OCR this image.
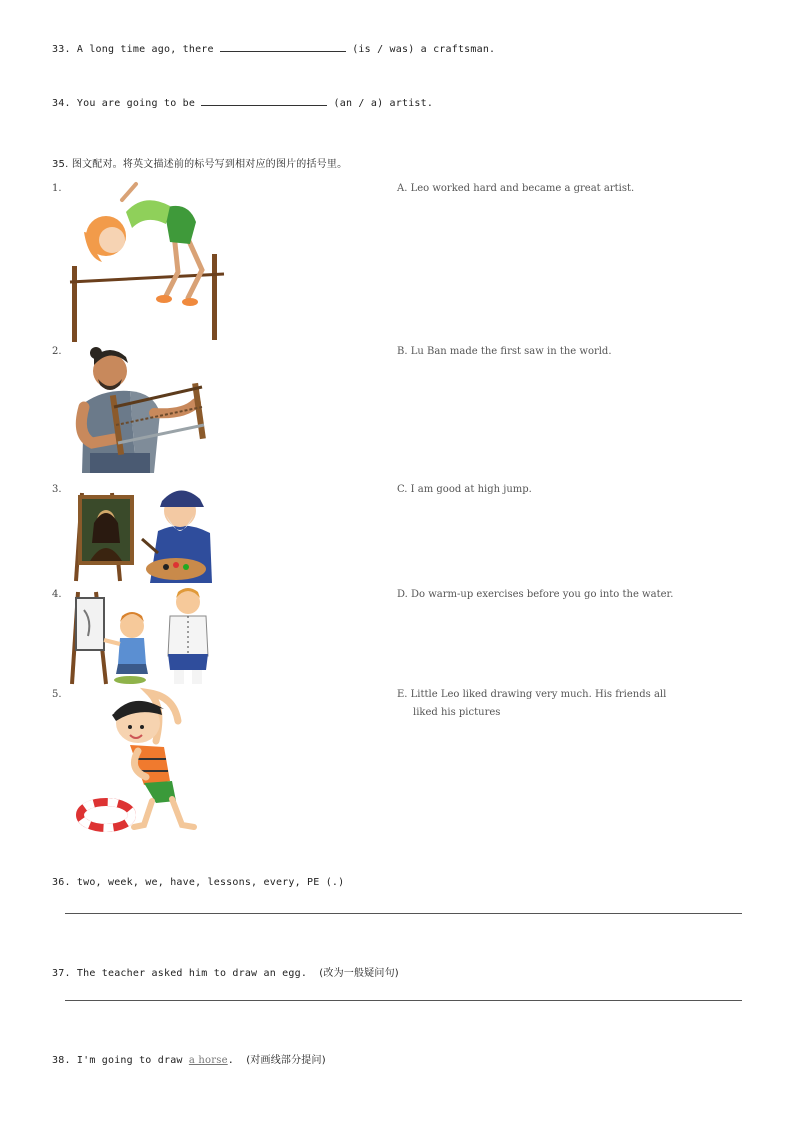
33. A long time ago, there	(is / was) a craftsman.
34. You are going to be	(an / a) artist.
35. 图文配对。将英文描述前的标号写到相对应的图片的括号里。
1.
2.
3.
4.
5.
A. Leo worked hard and became a great artist.
B. Lu Ban made the first saw in the world.
C. I am good at high jump.
D. Do warm-up exercises before you go into the water.
E. Little Leo liked drawing very much. His friends all
liked his pictures
36. two, week, we, have, lessons, every, PE (.)
37. The teacher asked him to draw an egg. (改为一般疑问句)
38. I'm going to draw a horse. (对画线部分提问)
